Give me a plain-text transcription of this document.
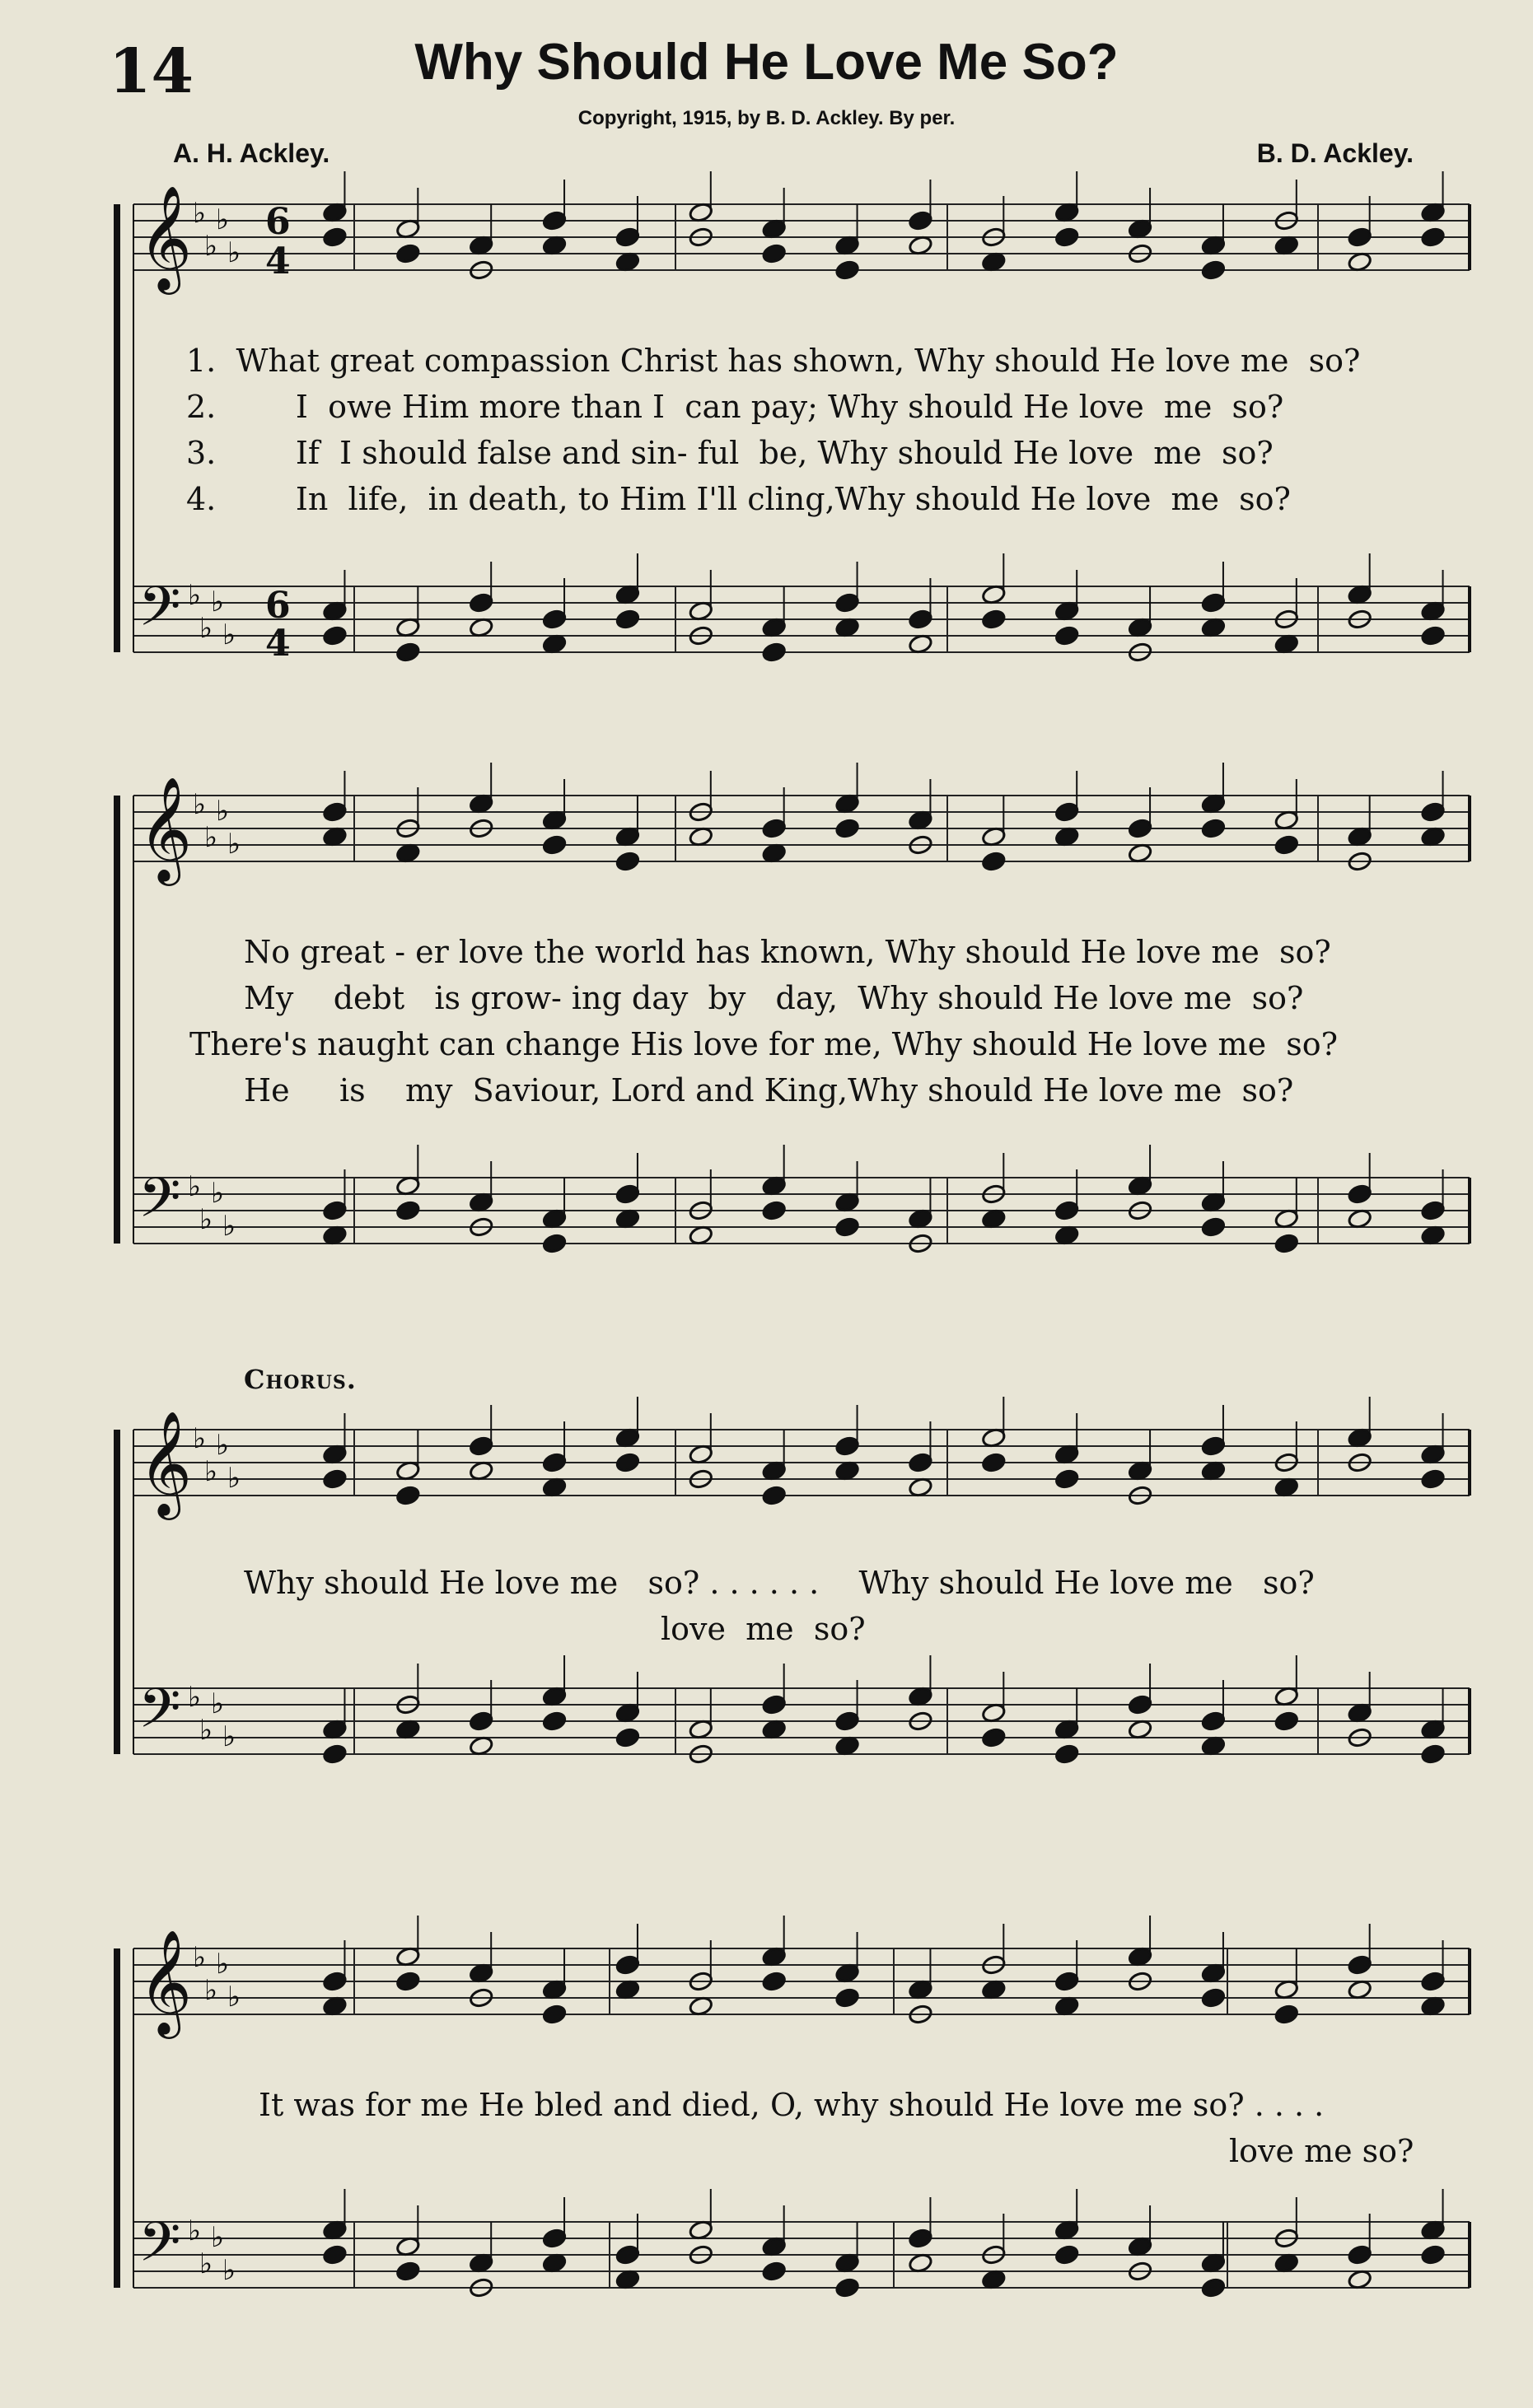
14	Why Should He Love Me So?
Copyright, 1915, by B. D. Ackley. By per.
A. H. Ackley.	B. D. Ackley.
𝄞 ♭
♭
♭
♭
𝄢 ♭
♭
♭
♭
𝄞 ♭
♭
♭
♭
𝄢 ♭
♭
♭
♭
𝄞 ♭
♭
♭
♭
𝄢 ♭
♭
♭
♭
𝄞 ♭
♭
♭
♭
𝄢 ♭
♭
♭
♭
6
4
6
4
1. What great compassion Christ has shown, Why should He love me  so?
2.	I  owe Him more than I  can pay; Why should He love  me  so?
3.	If  I should false and sin- ful  be, Why should He love  me  so?
4.	In  life,  in death, to Him I'll cling,Why should He love  me  so?
No great - er love the world has known, Why should He love me  so?
My    debt   is grow- ing day  by   day,  Why should He love me  so?
There's naught can change His love for me, Why should He love me  so?
He     is    my  Saviour, Lord and King,Why should He love me  so?
Chorus.
Why should He love me   so? . . . . . .    Why should He love me   so?
love  me  so?
It was for me He bled and died, O, why should He love me so? . . . .
love me so?
